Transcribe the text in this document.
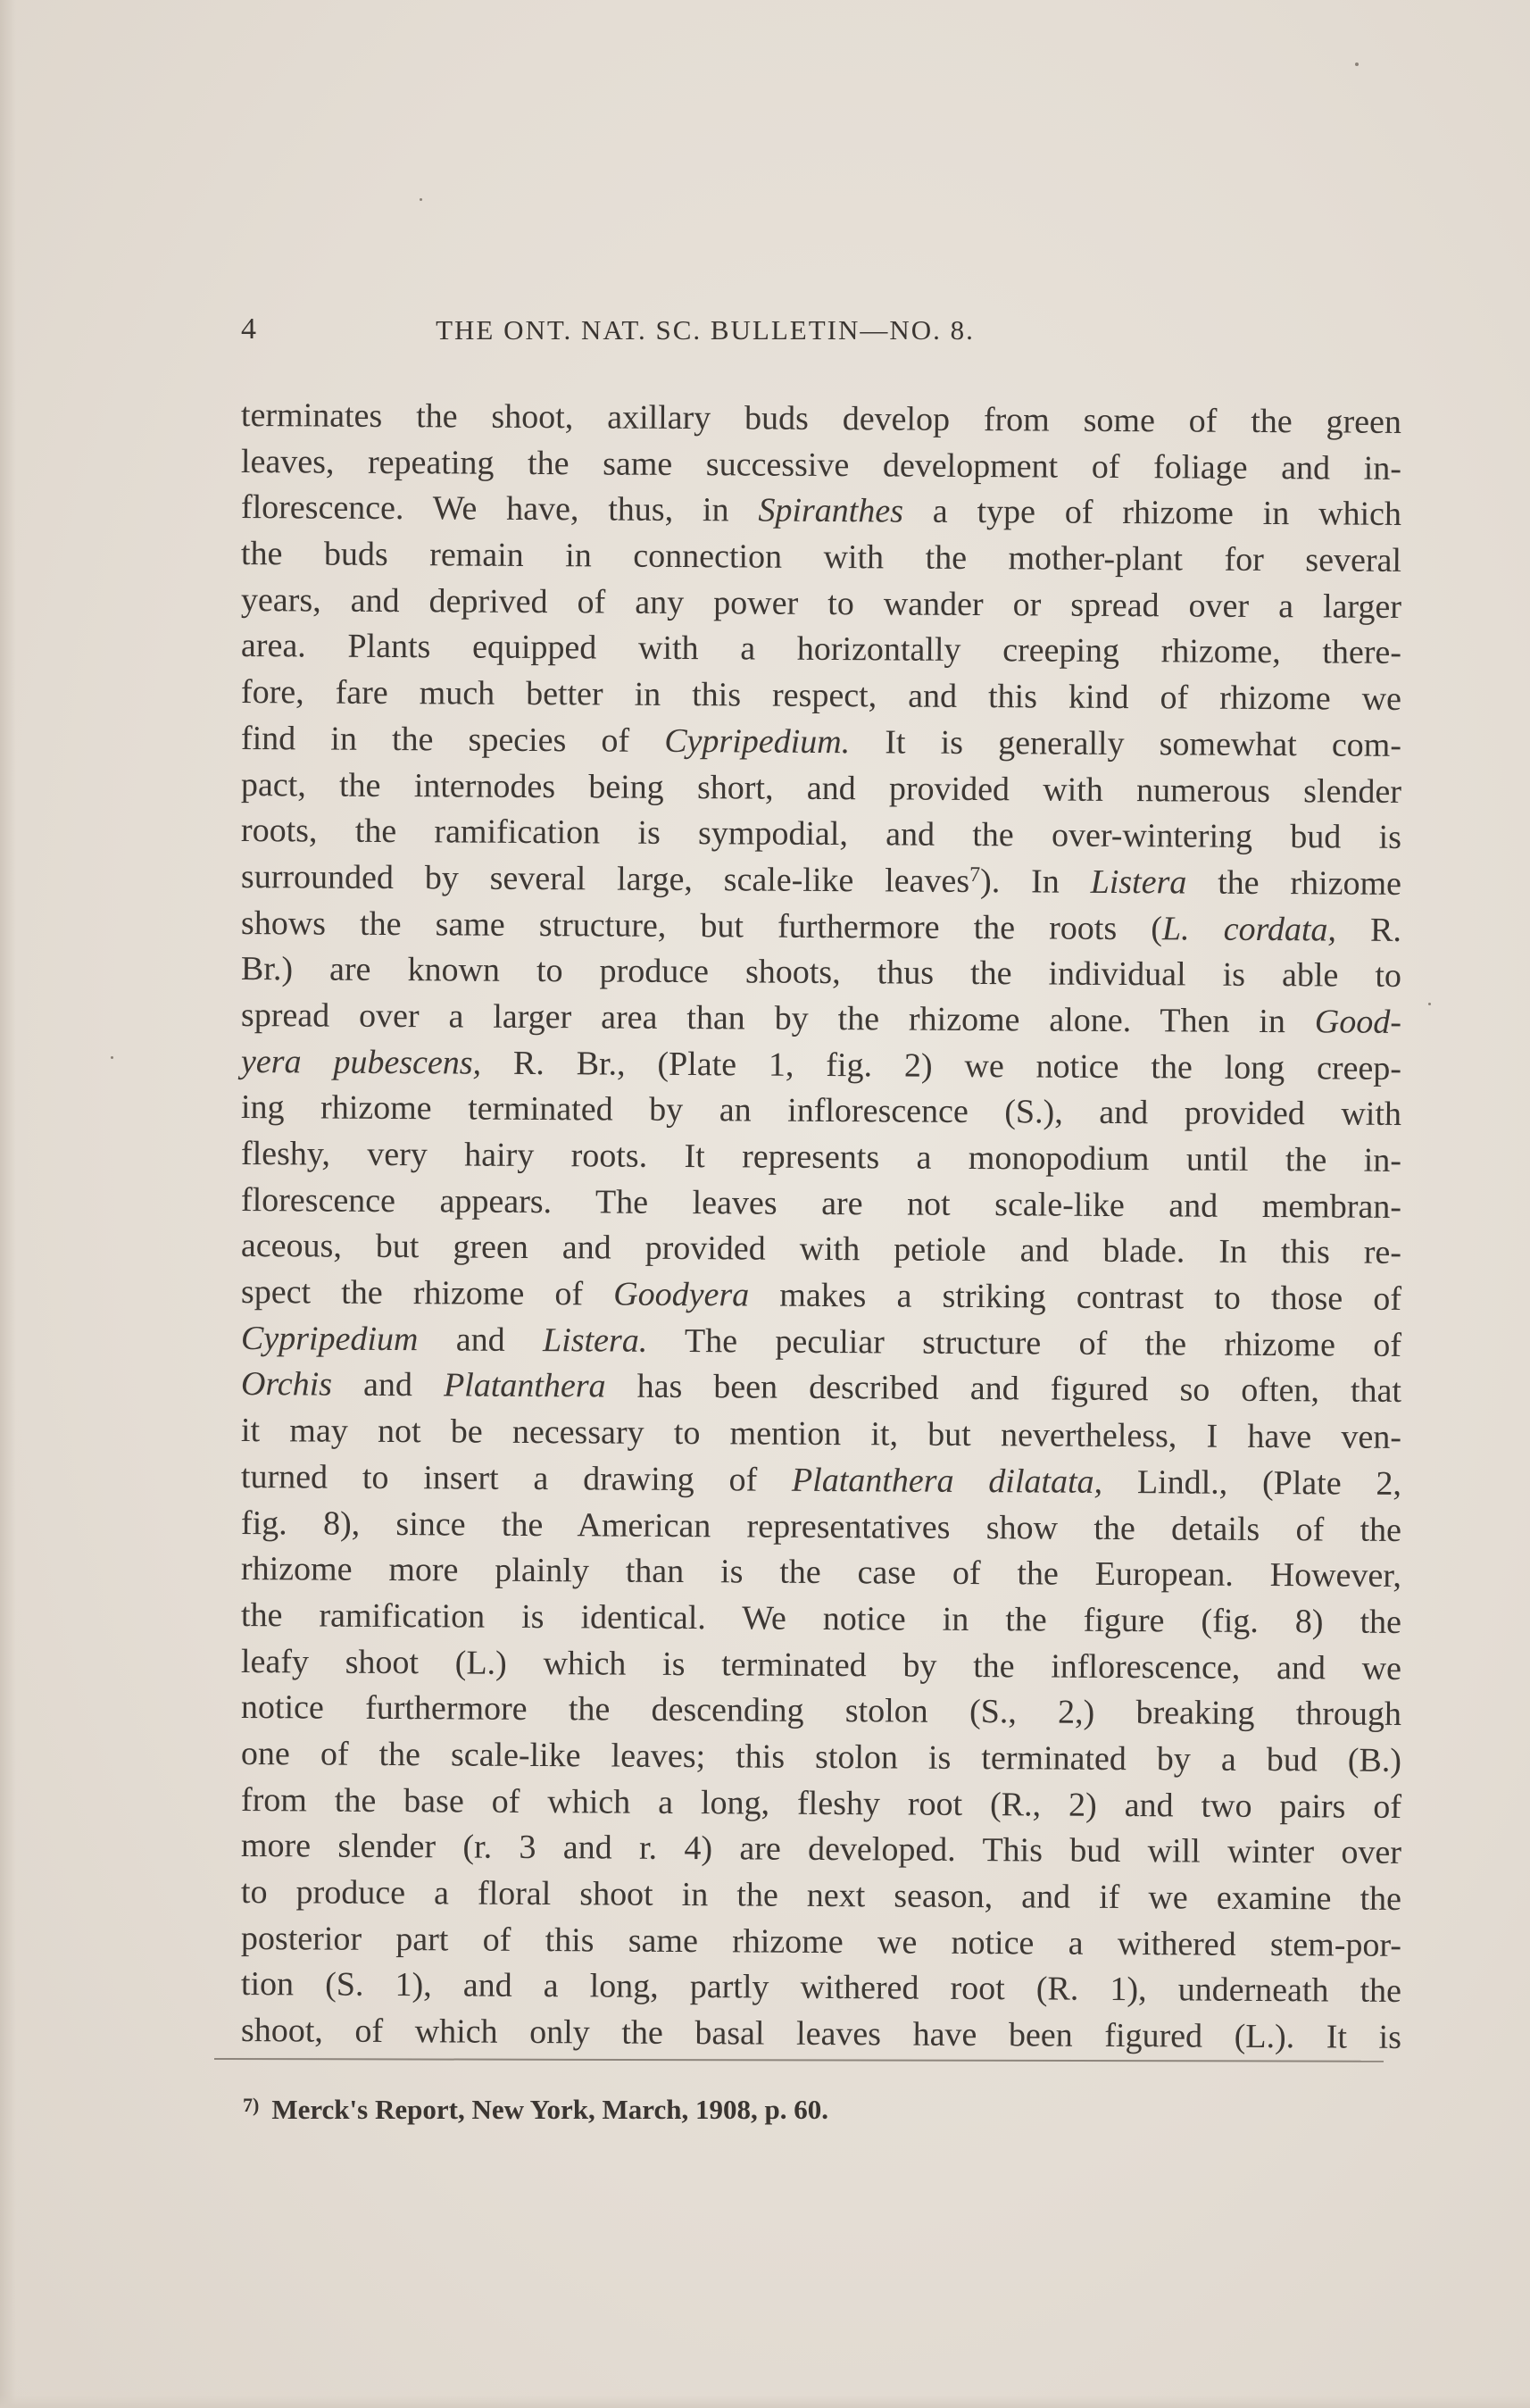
4	THE ONT. NAT. SC. BULLETIN—NO. 8.
terminates the shoot, axillary buds develop from some of the green
leaves, repeating the same successive development of foliage and in-
florescence. We have, thus, in Spiranthes a type of rhizome in which
the buds remain in connection with the mother-plant for several
years, and deprived of any power to wander or spread over a larger
area. Plants equipped with a horizontally creeping rhizome, there-
fore, fare much better in this respect, and this kind of rhizome we
find in the species of Cypripedium. It is generally somewhat com-
pact, the internodes being short, and provided with numerous slender
roots, the ramification is sympodial, and the over-wintering bud is
surrounded by several large, scale-like leaves$^7$). In Listera the rhizome
shows the same structure, but furthermore the roots (L. cordata, R.
Br.) are known to produce shoots, thus the individual is able to
spread over a larger area than by the rhizome alone. Then in Good-
yera pubescens, R. Br., (Plate 1, fig. 2) we notice the long creep-
ing rhizome terminated by an inflorescence (S.), and provided with
fleshy, very hairy roots. It represents a monopodium until the in-
florescence appears. The leaves are not scale-like and membran-
aceous, but green and provided with petiole and blade. In this re-
spect the rhizome of Goodyera makes a striking contrast to those of
Cypripedium and Listera. The peculiar structure of the rhizome of
Orchis and Platanthera has been described and figured so often, that
it may not be necessary to mention it, but nevertheless, I have ven-
turned to insert a drawing of Platanthera dilatata, Lindl., (Plate 2,
fig. 8), since the American representatives show the details of the
rhizome more plainly than is the case of the European. However,
the ramification is identical. We notice in the figure (fig. 8) the
leafy shoot (L.) which is terminated by the inflorescence, and we
notice furthermore the descending stolon (S., 2,) breaking through
one of the scale-like leaves; this stolon is terminated by a bud (B.)
from the base of which a long, fleshy root (R., 2) and two pairs of
more slender (r. 3 and r. 4) are developed. This bud will winter over
to produce a floral shoot in the next season, and if we examine the
posterior part of this same rhizome we notice a withered stem-por-
tion (S. 1), and a long, partly withered root (R. 1), underneath the
shoot, of which only the basal leaves have been figured (L.). It is
$^{7)}$ Merck's Report, New York, March, 1908, p. 60.
